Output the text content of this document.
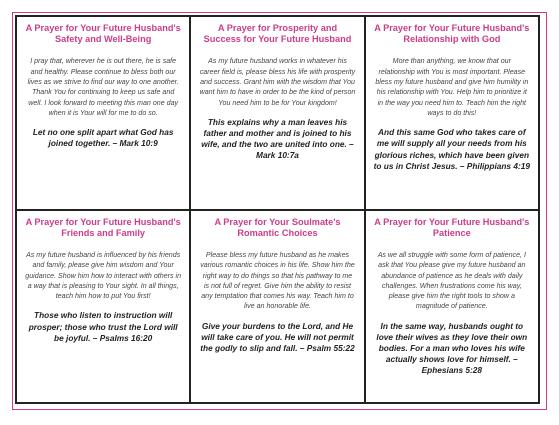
A Prayer for Your Future Husband's Safety and Well-Being

I pray that, wherever he is out there, he is safe and healthy. Please continue to bless both our lives as we strive to find our way to one another. Thank You for continuing to keep us safe and well. I look forward to meeting this man one day when it is Your will for me to do so.

Let no one split apart what God has joined together. – Mark 10:9

A Prayer for Prosperity and Success for Your Future Husband

As my future husband works in whatever his career field is, please bless his life with prosperity and success. Grant him with the wisdom that You want him to have in order to be the kind of person You need him to be for Your kingdom!

This explains why a man leaves his father and mother and is joined to his wife, and the two are united into one. – Mark 10:7a

A Prayer for Your Future Husband's Relationship with God

More than anything, we know that our relationship with You is most important. Please bless my future husband and give him humility in his relationship with You. Help him to prioritize it in the way you need him to. Teach him the right ways to do this!

And this same God who takes care of me will supply all your needs from his glorious riches, which have been given to us in Christ Jesus. – Philippians 4:19

A Prayer for Your Future Husband's Friends and Family

As my future husband is influenced by his friends and family, please give him wisdom and Your guidance. Show him how to interact with others in a way that is pleasing to Your sight. In all things, teach him how to put You first!

Those who listen to instruction will prosper; those who trust the Lord will be joyful. – Psalms 16:20

A Prayer for Your Soulmate's Romantic Choices

Please bless my future husband as he makes various romantic choices in his life. Show him the right way to do things so that his pathway to me is not full of regret. Give him the ability to resist any temptation that comes his way. Teach him to live an honorable life.

Give your burdens to the Lord, and He will take care of you. He will not permit the godly to slip and fall. – Psalm 55:22

A Prayer for Your Future Husband's Patience

As we all struggle with some form of patience, I ask that You please give my future husband an abundance of patience as he deals with daily challenges. When frustrations come his way, please give him the right tools to show a magnitude of patience.

In the same way, husbands ought to love their wives as they love their own bodies. For a man who loves his wife actually shows love for himself. – Ephesians 5:28
